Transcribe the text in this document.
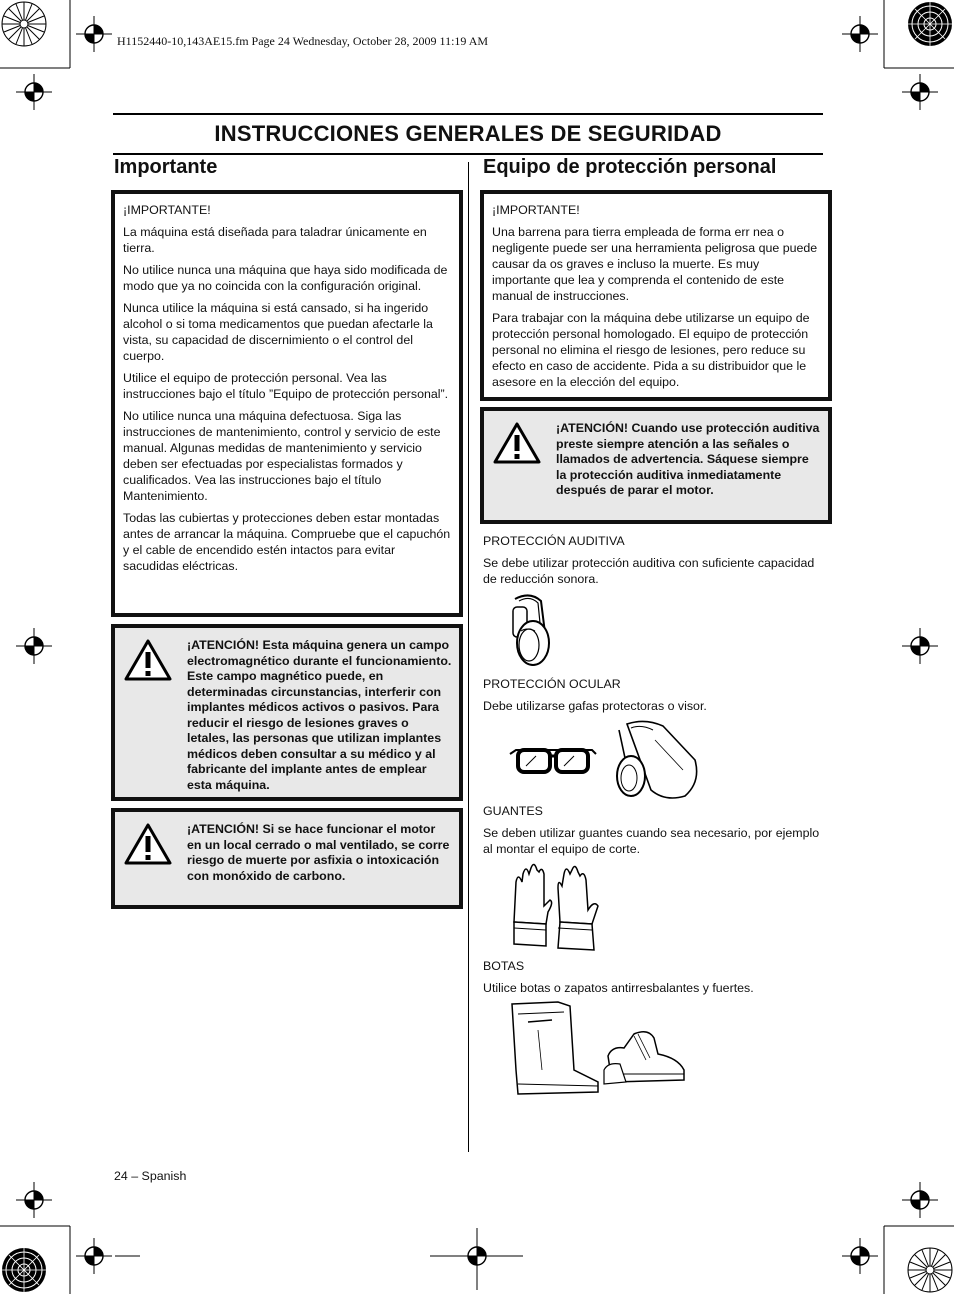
H1152440-10,143AE15.fm Page 24 Wednesday, October 28, 2009 11:19 AM
INSTRUCCIONES GENERALES DE SEGURIDAD
Importante

¡IMPORTANTE!

La máquina está diseñada para taladrar únicamente en tierra.

No utilice nunca una máquina que haya sido modificada de modo que ya no coincida con la configuración original.

Nunca utilice la máquina si está cansado, si ha ingerido alcohol o si toma medicamentos que puedan afectarle la vista, su capacidad de discernimiento o el control del cuerpo.

Utilice el equipo de protección personal. Vea las instrucciones bajo el título ”Equipo de protección personal”.

No utilice nunca una máquina defectuosa. Siga las instrucciones de mantenimiento, control y servicio de este manual. Algunas medidas de mantenimiento y servicio deben ser efectuadas por especialistas formados y cualificados. Vea las instrucciones bajo el título Mantenimiento.

Todas las cubiertas y protecciones deben estar montadas antes de arrancar la máquina. Compruebe que el capuchón y el cable de encendido estén intactos para evitar sacudidas eléctricas.

¡ATENCIÓN! Esta máquina genera un campo electromagnético durante el funcionamiento. Este campo magnético puede, en determinadas circunstancias, interferir con implantes médicos activos o pasivos. Para reducir el riesgo de lesiones graves o letales, las personas que utilizan implantes médicos deben consultar a su médico y al fabricante del implante antes de emplear esta máquina.
¡ATENCIÓN! Si se hace funcionar el motor en un local cerrado o mal ventilado, se corre riesgo de muerte por asfixia o intoxicación con monóxido de carbono.
Equipo de protección personal

¡IMPORTANTE!

Una barrena para tierra empleada de forma err nea o negligente puede ser una herramienta peligrosa que puede causar da os graves e incluso la muerte. Es muy importante que lea y comprenda el contenido de este manual de instrucciones.

Para trabajar con la máquina debe utilizarse un equipo de protección personal homologado. El equipo de protección personal no elimina el riesgo de lesiones, pero reduce su efecto en caso de accidente. Pida a su distribuidor que le asesore en la elección del equipo.

¡ATENCIÓN! Cuando use protección auditiva preste siempre atención a las señales o llamados de advertencia. Sáquese siempre la protección auditiva inmediatamente después de parar el motor.

PROTECCIÓN AUDITIVA

Se debe utilizar protección auditiva con suficiente capacidad de reducción sonora.

PROTECCIÓN OCULAR

Debe utilizarse gafas protectoras o visor.

GUANTES

Se deben utilizar guantes cuando sea necesario, por ejemplo al montar el equipo de corte.

BOTAS

Utilice botas o zapatos antirresbalantes y fuertes.

24 – Spanish
